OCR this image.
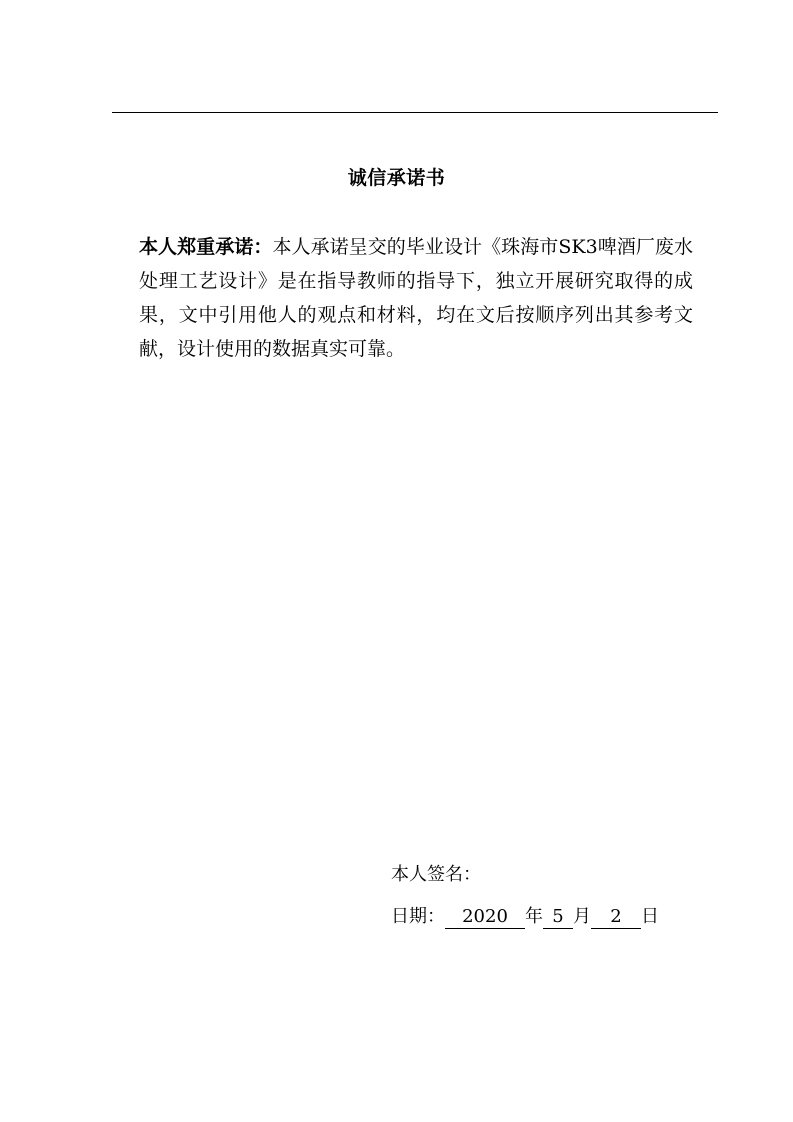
诚信承诺书
本人郑重承诺：本人承诺呈交的毕业设计《珠海市SK3啤酒厂废水处理工艺设计》是在指导教师的指导下，独立开展研究取得的成果，文中引用他人的观点和材料，均在文后按顺序列出其参考文献，设计使用的数据真实可靠。
本人签名：
日期： 2020 年 5 月 2 日
